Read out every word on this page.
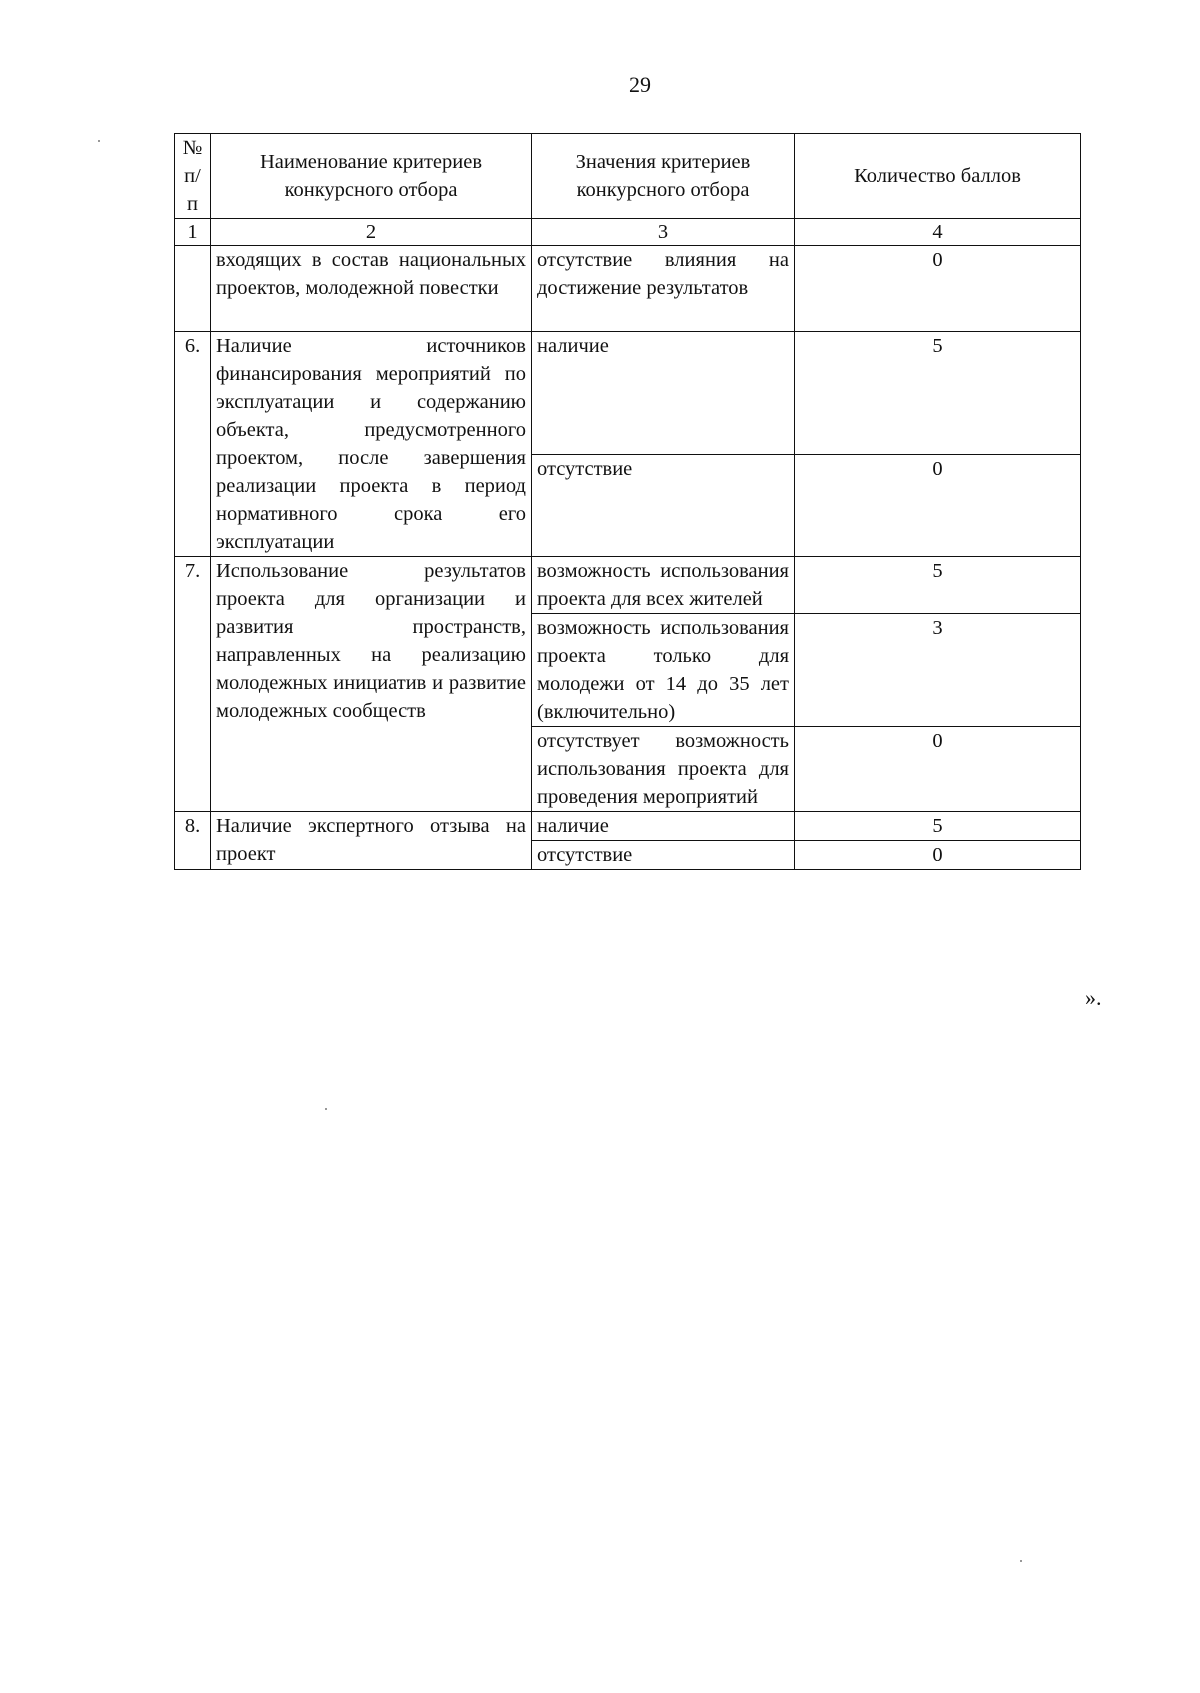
29
№ п/п	Наименование критериев конкурсного отбора	Значения критериев конкурсного отбора	Количество баллов
1	2	3	4
	входящих в состав национальных проектов, молодежной повестки	отсутствие влияния на достижение результатов	0
6.	Наличие источников финансирования мероприятий по эксплуатации и содержанию объекта, предусмотренного проектом, после завершения реализации проекта в период нормативного срока его эксплуатации	наличие	5
		отсутствие	0
7.	Использование результатов проекта для организации и развития пространств, направленных на реализацию молодежных инициатив и развитие молодежных сообществ	возможность использования проекта для всех жителей	5
		возможность использования проекта только для молодежи от 14 до 35 лет (включительно)	3
		отсутствует возможность использования проекта для проведения мероприятий	0
8.	Наличие экспертного отзыва на проект	наличие	5
		отсутствие	0
».
